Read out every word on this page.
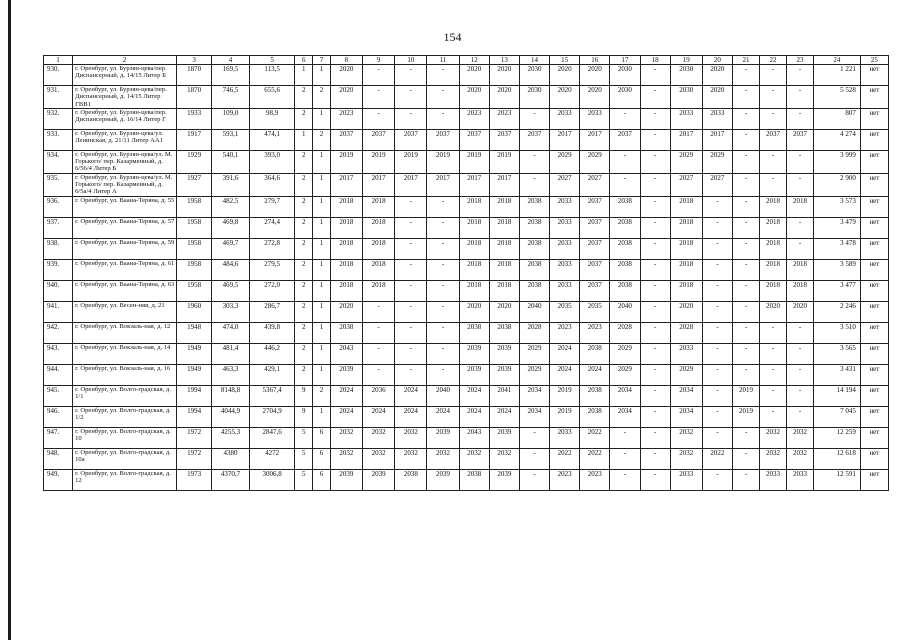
154
1	2	3	4	5	6	7	8	9	10	11	12	13	14	15	16	17	18	19	20	21	22	23	24	25
930.	г. Оренбург, ул. Бурзян-цева/пер. Диспансерный, д. 14/15 Литер Б	1870	169,5	113,5	1	1	2020	-	-	-	2020	2020	2030	2020	2020	2030	-	2030	2020	-	-	-	1 221	нет
931.	г. Оренбург, ул. Бурзян-цева/пер. Диспансерный, д. 14/15 Литер ГВВ1	1870	746,5	655,6	2	2	2020	-	-	-	2020	2020	2030	2020	2020	2030	-	2030	2020	-	-	-	5 528	нет
932.	г. Оренбург, ул. Бурзян-цева/пер. Диспансерный, д. 16/14 Литер Г	1933	109,0	98,9	2	1	2023	-	-	-	2023	2023	-	2033	2033	-	-	2033	2033	-	-	-	807	нет
933.	г. Оренбург, ул. Бурзян-цева/ул. Ленинская, д. 21/11 Литер АА1	1917	593,1	474,1	1	2	2037	2037	2037	2037	2037	2037	2037	2017	2017	2037	-	2017	2017	-	2037	2037	4 274	нет
934.	г. Оренбург, ул. Бурзян-цева/ул. М. Горького/ пер. Казарменный, д. 6/56/4 Литер Б	1929	540,1	393,0	2	1	2019	2019	2019	2019	2019	2019	-	2029	2029	-	-	2029	2029	-	-	-	3 999	нет
935.	г. Оренбург, ул. Бурзян-цева/ул. М. Горького/ пер. Казарменный, д. 6/5а/4 Литер А	1927	391,6	364,6	2	1	2017	2017	2017	2017	2017	2017	-	2027	2027	-	-	2027	2027	-	-	-	2 900	нет
936.	г. Оренбург, ул. Ваана-Теряна, д. 55	1958	482,5	279,7	2	1	2018	2018	-	-	2018	2018	2038	2033	2037	2038	-	2018	-	-	2018	2018	3 573	нет
937.	г. Оренбург, ул. Ваана-Теряна, д. 57	1958	469,8	274,4	2	1	2018	2018	-	-	2018	2018	2038	2033	2037	2038	-	2018	-	-	2018	-	3 479	нет
938.	г. Оренбург, ул. Ваана-Теряна, д. 59	1958	469,7	272,8	2	1	2018	2018	-	-	2018	2018	2038	2033	2037	2038	-	2018	-	-	2018	-	3 478	нет
939.	г. Оренбург, ул. Ваана-Теряна, д. 61	1958	484,6	279,5	2	1	2018	2018	-	-	2018	2018	2038	2033	2037	2038	-	2018	-	-	2018	2018	3 589	нет
940.	г. Оренбург, ул. Ваана-Теряна, д. 63	1958	469,5	272,0	2	1	2018	2018	-	-	2018	2018	2038	2033	2037	2038	-	2018	-	-	2018	2018	3 477	нет
941.	г. Оренбург, ул. Весен-няя, д. 21	1960	303,3	286,7	2	1	2020	-	-	-	2020	2020	2040	2035	2035	2040	-	2020	-	-	2020	2020	2 246	нет
942.	г. Оренбург, ул. Вокзаль-ная, д. 12	1948	474,0	439,8	2	1	2038	-	-	-	2038	2038	2028	2023	2023	2028	-	2028	-	-	-	-	3 510	нет
943.	г. Оренбург, ул. Вокзаль-ная, д. 14	1949	481,4	446,2	2	1	2043	-	-	-	2039	2039	2029	2024	2038	2029	-	2033	-	-	-	-	3 565	нет
944.	г. Оренбург, ул. Вокзаль-ная, д. 16	1949	463,3	429,1	2	1	2039	-	-	-	2039	2039	2029	2024	2024	2029	-	2029	-	-	-	-	3 431	нет
945.	г. Оренбург, ул. Волго-градская, д. 1/1	1994	8148,8	5367,4	9	2	2024	2036	2024	2040	2024	2041	2034	2019	2038	2034	-	2034	-	2019	-	-	14 194	нет
946.	г. Оренбург, ул. Волго-градская, д. 1/2	1994	4044,9	2704,9	9	1	2024	2024	2024	2024	2024	2024	2034	2019	2038	2034	-	2034	-	2019	-	-	7 045	нет
947.	г. Оренбург, ул. Волго-градская, д. 10	1972	4255,3	2847,6	5	6	2032	2032	2032	2039	2043	2039	-	2033	2022	-	-	2032	-	-	2032	2032	12 259	нет
948.	г. Оренбург, ул. Волго-градская, д. 10а	1972	4380	4272	5	6	2032	2032	2032	2032	2032	2032	-	2022	2022	-	-	2032	2022	-	2032	2032	12 618	нет
949.	г. Оренбург, ул. Волго-градская, д. 12	1973	4370,7	3006,8	5	6	2039	2039	2038	2039	2038	2039	-	2023	2023	-	-	2033	-	-	2033	2033	12 591	нет
